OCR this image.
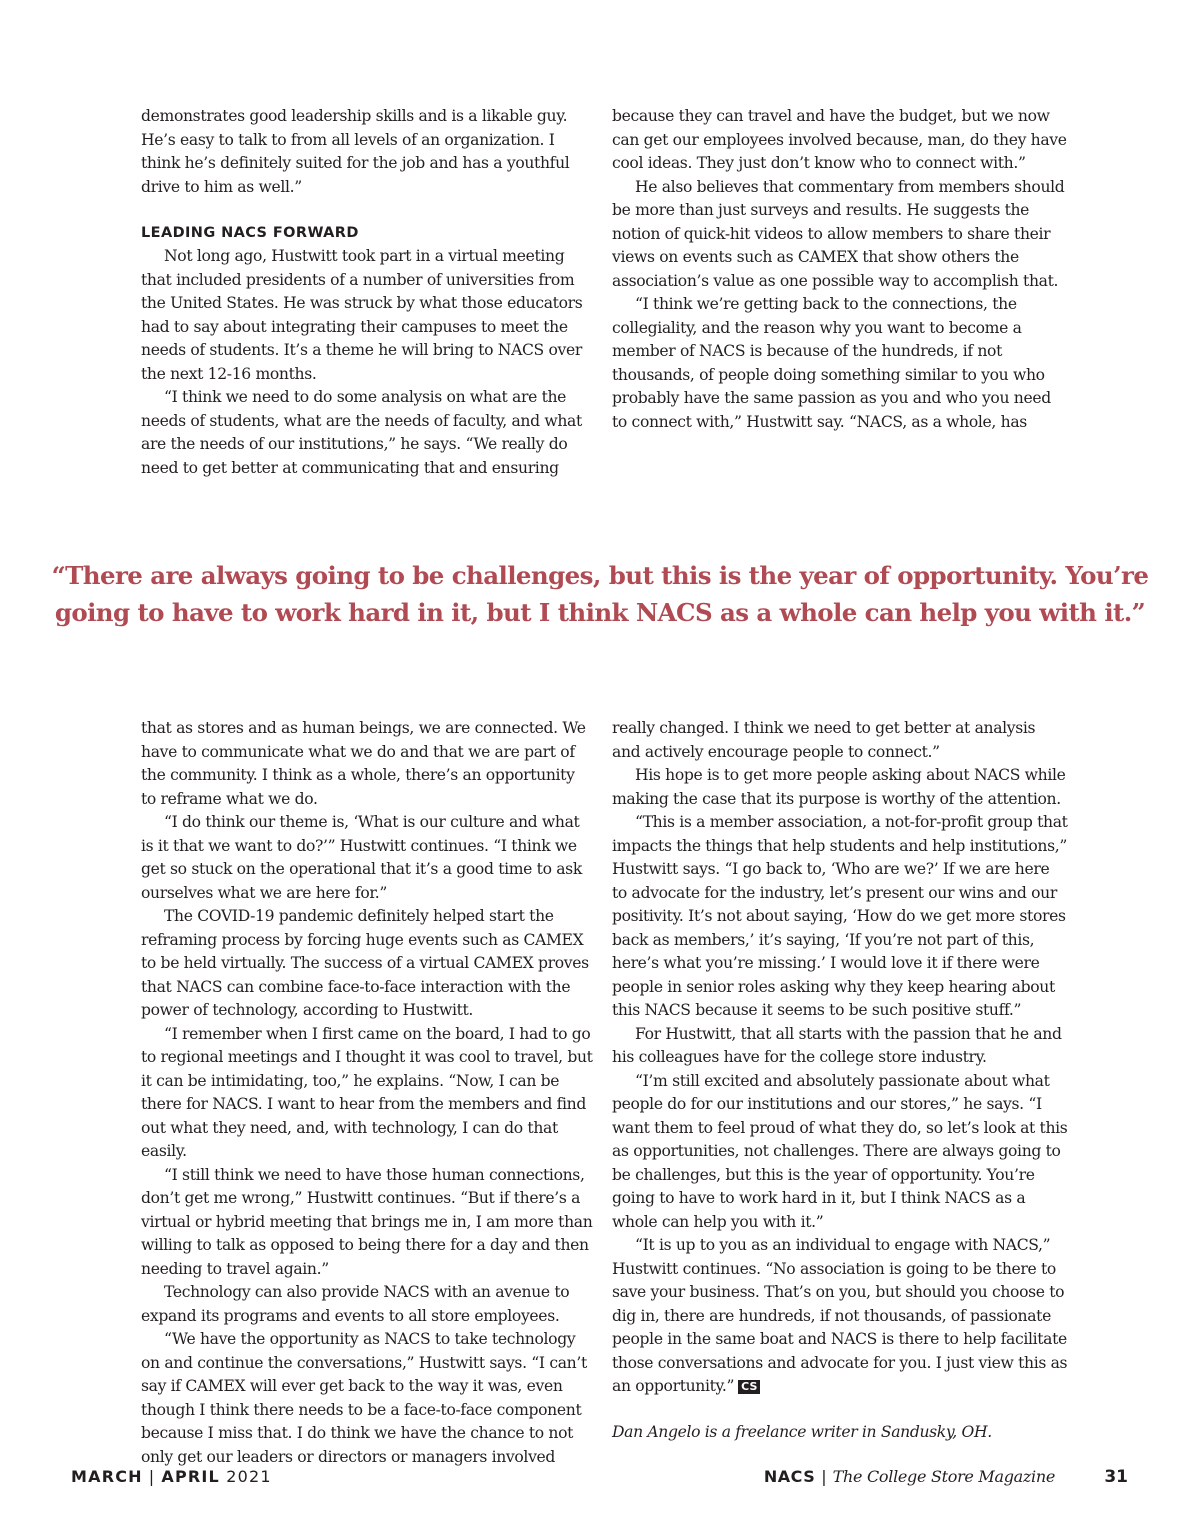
demonstrates good leadership skills and is a likable guy. He’s easy to talk to from all levels of an organization. I think he’s definitely suited for the job and has a youthful drive to him as well.”

LEADING NACS FORWARD

Not long ago, Hustwitt took part in a virtual meeting that included presidents of a number of universities from the United States. He was struck by what those educators had to say about integrating their campuses to meet the needs of students. It’s a theme he will bring to NACS over the next 12-16 months.

“I think we need to do some analysis on what are the needs of students, what are the needs of faculty, and what are the needs of our institutions,” he says. “We really do need to get better at communicating that and ensuring

because they can travel and have the budget, but we now can get our employees involved because, man, do they have cool ideas. They just don’t know who to connect with.”

He also believes that commentary from members should be more than just surveys and results. He suggests the notion of quick-hit videos to allow members to share their views on events such as CAMEX that show others the association’s value as one possible way to accomplish that.

“I think we’re getting back to the connections, the collegiality, and the reason why you want to become a member of NACS is because of the hundreds, if not thousands, of people doing something similar to you who probably have the same passion as you and who you need to connect with,” Hustwitt say. “NACS, as a whole, has

“There are always going to be challenges, but this is the year of opportunity. You’re
going to have to work hard in it, but I think NACS as a whole can help you with it.”

that as stores and as human beings, we are connected. We have to communicate what we do and that we are part of the community. I think as a whole, there’s an opportunity to reframe what we do.

“I do think our theme is, ‘What is our culture and what is it that we want to do?’” Hustwitt continues. “I think we get so stuck on the operational that it’s a good time to ask ourselves what we are here for.”

The COVID-19 pandemic definitely helped start the reframing process by forcing huge events such as CAMEX to be held virtually. The success of a virtual CAMEX proves that NACS can combine face-to-face interaction with the power of technology, according to Hustwitt.

“I remember when I first came on the board, I had to go to regional meetings and I thought it was cool to travel, but it can be intimidating, too,” he explains. “Now, I can be there for NACS. I want to hear from the members and find out what they need, and, with technology, I can do that easily.

“I still think we need to have those human connections, don’t get me wrong,” Hustwitt continues. “But if there’s a virtual or hybrid meeting that brings me in, I am more than willing to talk as opposed to being there for a day and then needing to travel again.”

Technology can also provide NACS with an avenue to expand its programs and events to all store employees.

“We have the opportunity as NACS to take technology on and continue the conversations,” Hustwitt says. “I can’t say if CAMEX will ever get back to the way it was, even though I think there needs to be a face-to-face component because I miss that. I do think we have the chance to not only get our leaders or directors or managers involved

really changed. I think we need to get better at analysis and actively encourage people to connect.”

His hope is to get more people asking about NACS while making the case that its purpose is worthy of the attention.

“This is a member association, a not-for-profit group that impacts the things that help students and help institutions,” Hustwitt says. “I go back to, ‘Who are we?’ If we are here to advocate for the industry, let’s present our wins and our positivity. It’s not about saying, ‘How do we get more stores back as members,’ it’s saying, ‘If you’re not part of this, here’s what you’re missing.’ I would love it if there were people in senior roles asking why they keep hearing about this NACS because it seems to be such positive stuff.”

For Hustwitt, that all starts with the passion that he and his colleagues have for the college store industry.

“I’m still excited and absolutely passionate about what people do for our institutions and our stores,” he says. “I want them to feel proud of what they do, so let’s look at this as opportunities, not challenges. There are always going to be challenges, but this is the year of opportunity. You’re going to have to work hard in it, but I think NACS as a whole can help you with it.”

“It is up to you as an individual to engage with NACS,” Hustwitt continues. “No association is going to be there to save your business. That’s on you, but should you choose to dig in, there are hundreds, if not thousands, of passionate people in the same boat and NACS is there to help facilitate those conversations and advocate for you. I just view this as an opportunity.” CS

Dan Angelo is a freelance writer in Sandusky, OH.

MARCH | APRIL 2021	NACS | The College Store Magazine	31
